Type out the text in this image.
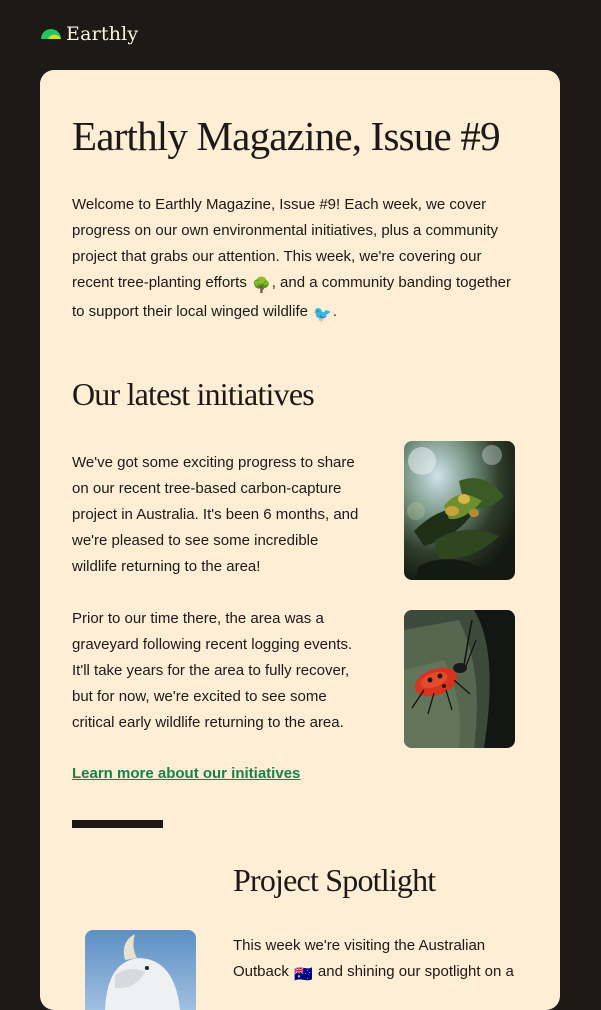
Earthly
Earthly Magazine, Issue #9

Welcome to Earthly Magazine, Issue #9! Each week, we cover progress on our own environmental initiatives, plus a community project that grabs our attention. This week, we're covering our recent tree-planting efforts 🌳, and a community banding together to support their local winged wildlife 🐦.

Our latest initiatives

We've got some exciting progress to share on our recent tree-based carbon-capture project in Australia. It's been 6 months, and we're pleased to see some incredible wildlife returning to the area!

Prior to our time there, the area was a graveyard following recent logging events. It'll take years for the area to fully recover, but for now, we're excited to see some critical early wildlife returning to the area.

Learn more about our initiatives
Project Spotlight

This week we're visiting the Australian Outback 🇦🇺 and shining our spotlight on a
